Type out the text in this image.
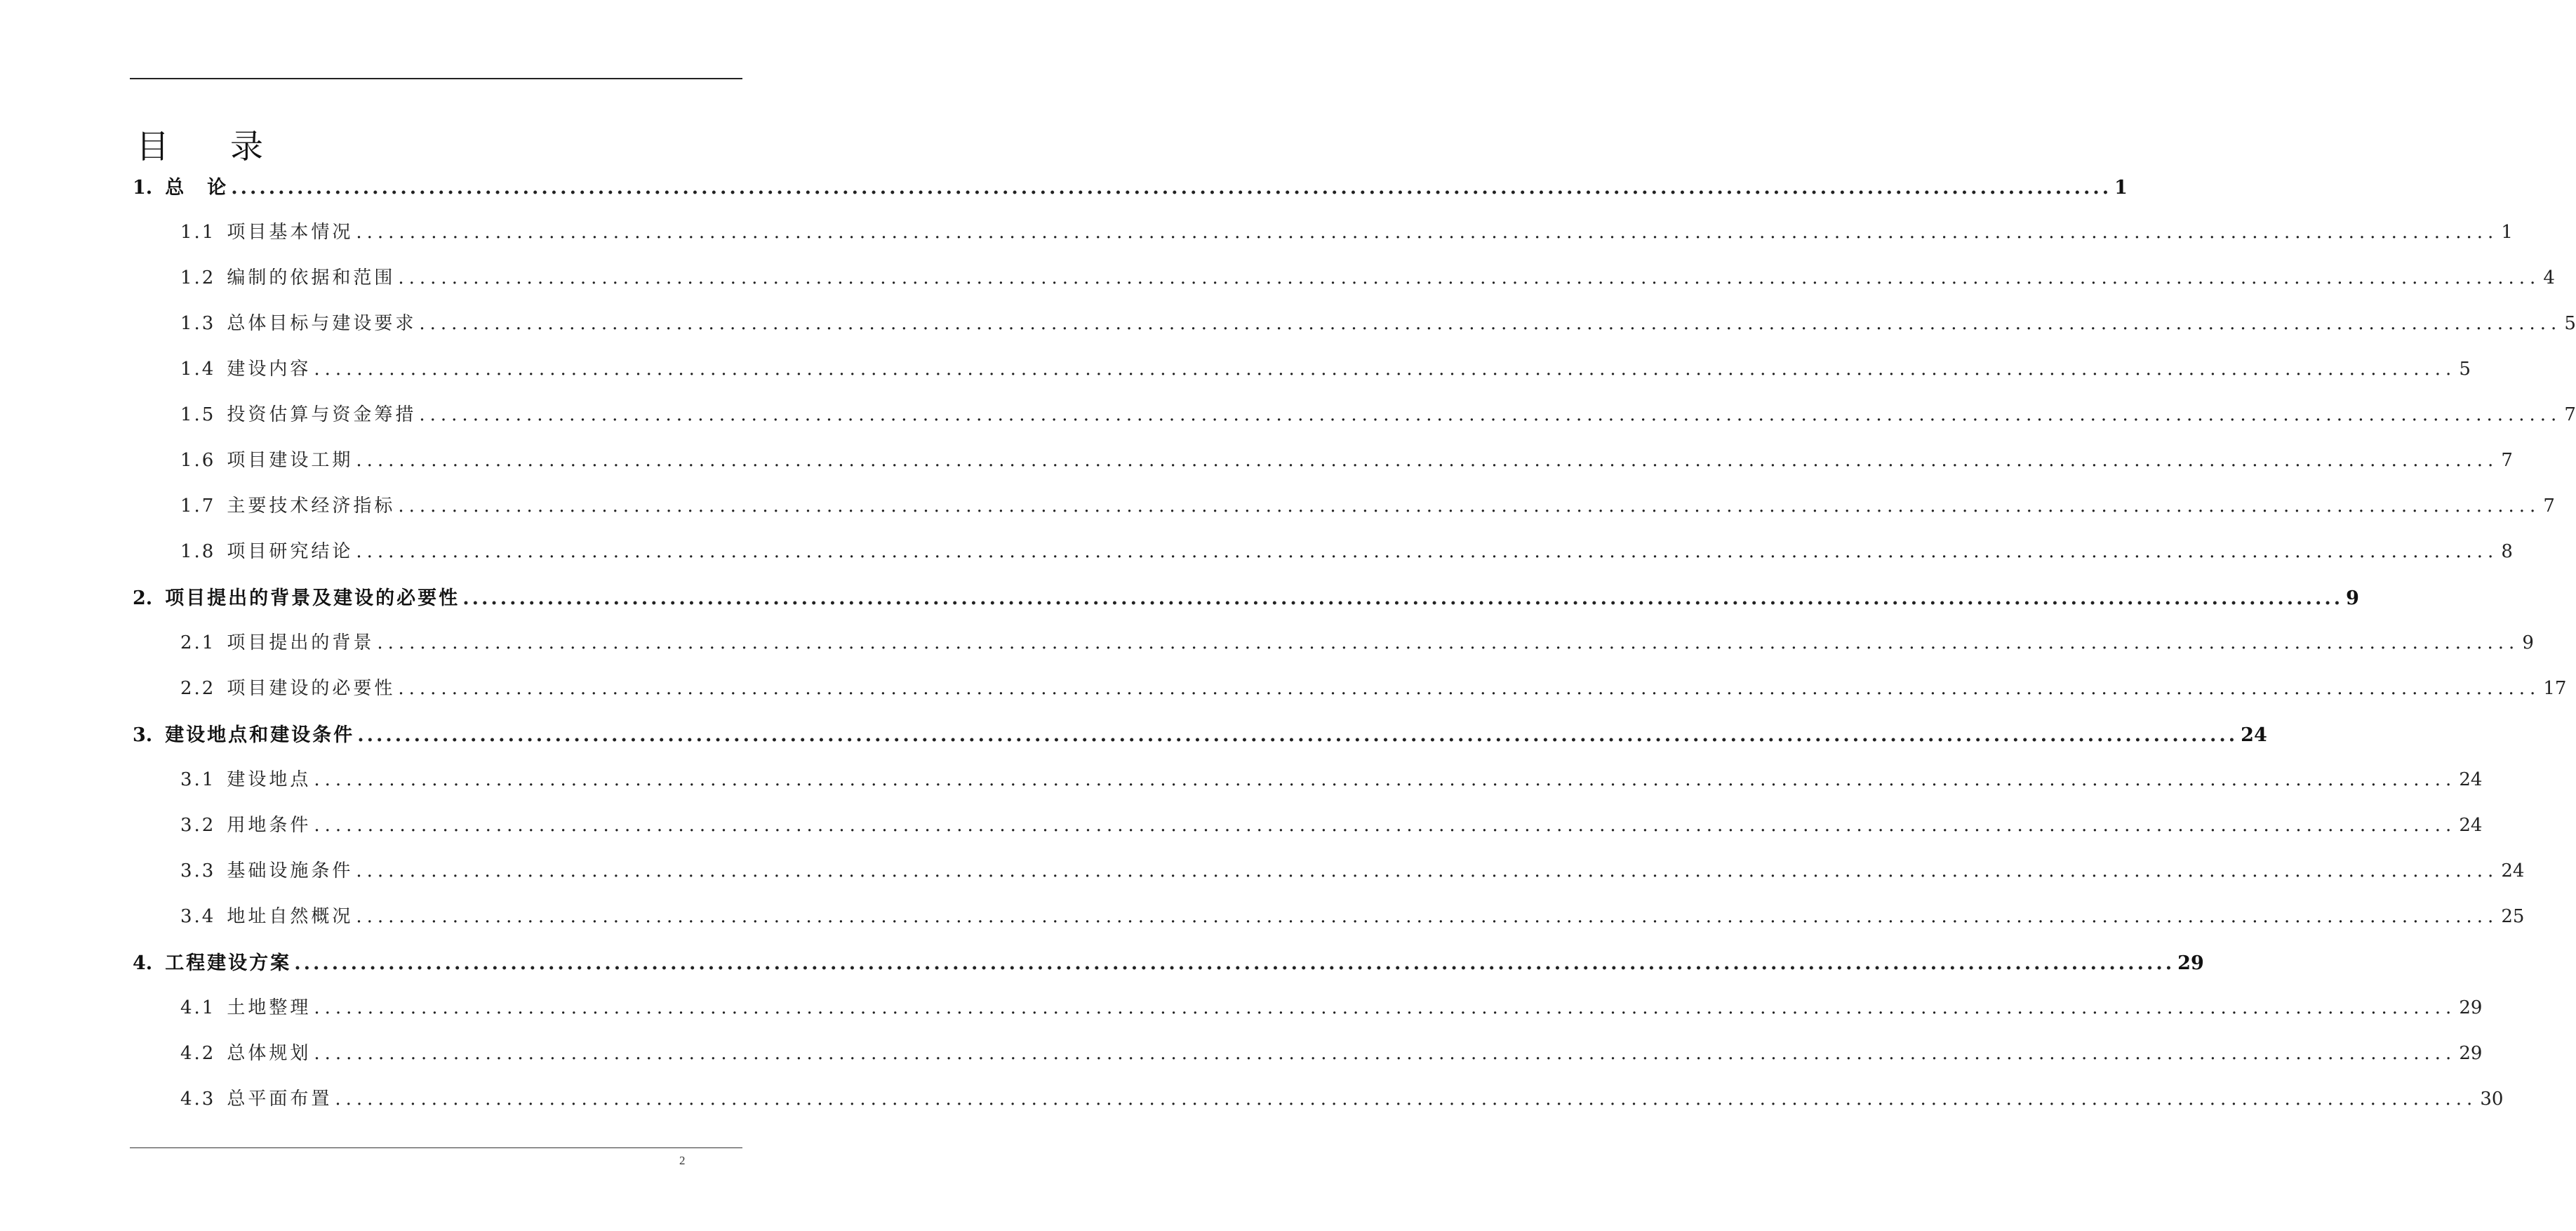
目 录
1. 总　论 ........................................................................................................................................................................................................ 1
1.1 项目基本情况 ........................................................................................................................................................................................................ 1
1.2 编制的依据和范围 ........................................................................................................................................................................................................ 4
1.3 总体目标与建设要求 ........................................................................................................................................................................................................ 5
1.4 建设内容 ........................................................................................................................................................................................................ 5
1.5 投资估算与资金筹措 ........................................................................................................................................................................................................ 7
1.6 项目建设工期 ........................................................................................................................................................................................................ 7
1.7 主要技术经济指标 ........................................................................................................................................................................................................ 7
1.8 项目研究结论 ........................................................................................................................................................................................................ 8
2. 项目提出的背景及建设的必要性 ........................................................................................................................................................................................................ 9
2.1 项目提出的背景 ........................................................................................................................................................................................................ 9
2.2 项目建设的必要性 ........................................................................................................................................................................................................ 17
3. 建设地点和建设条件 ........................................................................................................................................................................................................ 24
3.1 建设地点 ........................................................................................................................................................................................................ 24
3.2 用地条件 ........................................................................................................................................................................................................ 24
3.3 基础设施条件 ........................................................................................................................................................................................................ 24
3.4 地址自然概况 ........................................................................................................................................................................................................ 25
4. 工程建设方案 ........................................................................................................................................................................................................ 29
4.1 土地整理 ........................................................................................................................................................................................................ 29
4.2 总体规划 ........................................................................................................................................................................................................ 29
4.3 总平面布置 ........................................................................................................................................................................................................ 30
2
